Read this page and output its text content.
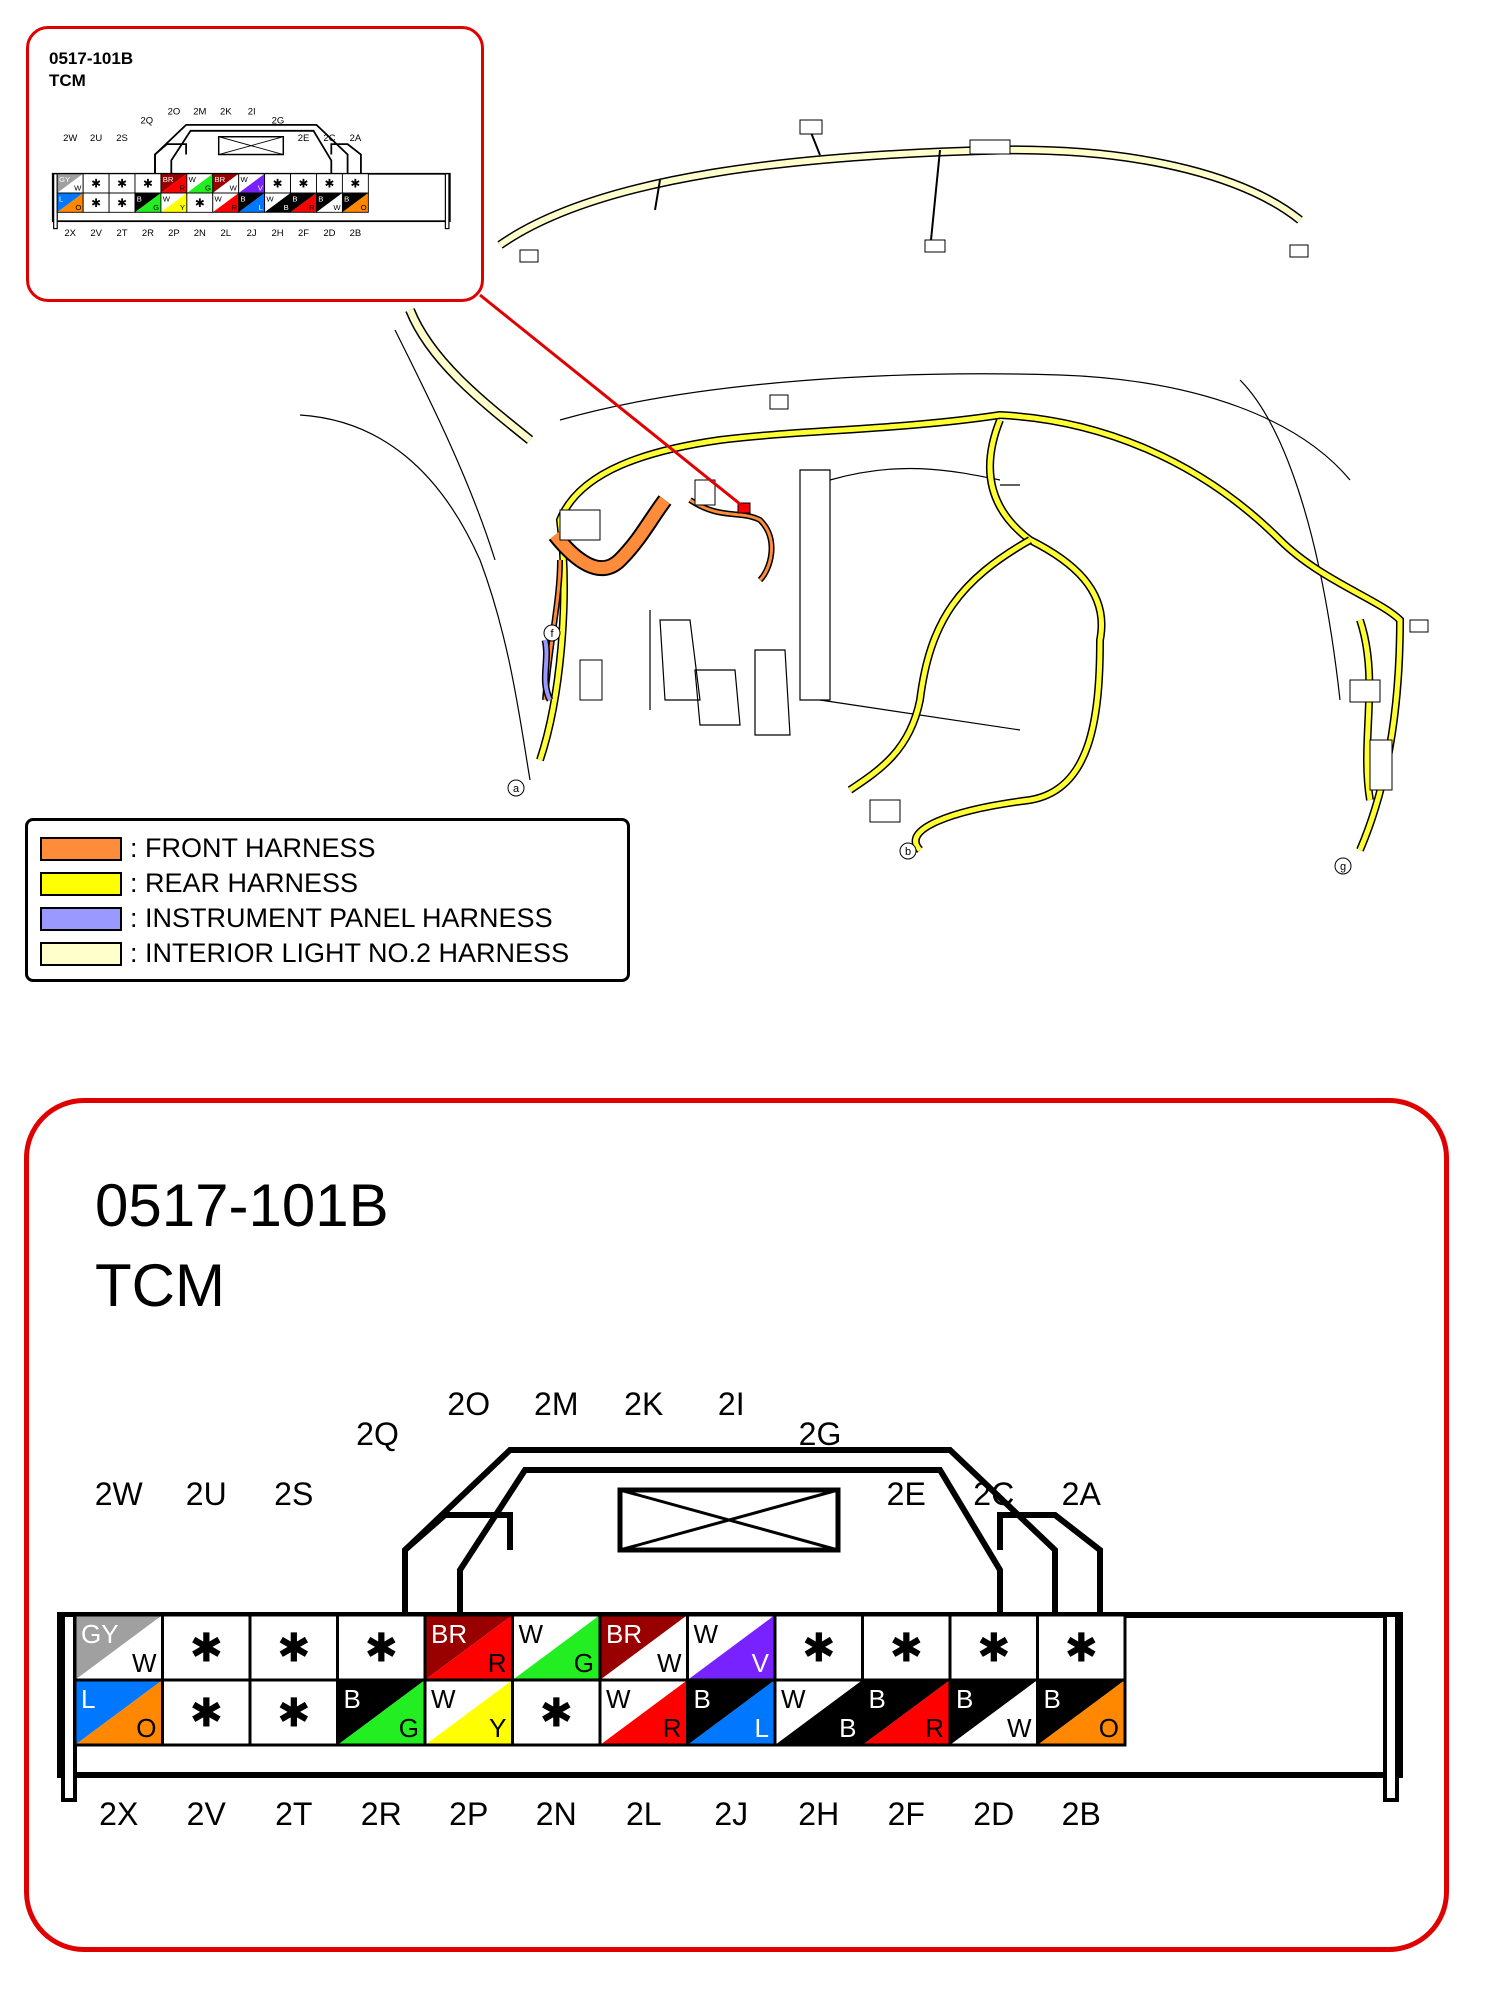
a
b
f
g
0517-101B
TCM
2W 2U 2S
2Q
2O 2M 2K 2I
2G
2E 2C 2A
2X 2V 2T 2R 2P 2N 2L 2J 2H 2F 2D 2B
GY
W ✱ ✱ ✱ BR
R
W
G
BR
W
W
V ✱ ✱ ✱ ✱
L
O ✱ ✱ B
G
W
Y ✱ W
R
B
L
W
B
B
R
B
W
B
O
: FRONT HARNESS
: REAR HARNESS
: INSTRUMENT PANEL HARNESS
: INTERIOR LIGHT NO.2 HARNESS
0517-101B
TCM
2W 2U 2S
2Q
2O 2M 2K 2I
2G
2E 2C 2A
2X 2V 2T 2R 2P 2N 2L 2J 2H 2F 2D 2B
GY
W ✱ ✱ ✱ BR
R
W
G
BR
W
W
V ✱ ✱ ✱ ✱
L
O ✱ ✱ B
G
W
Y ✱ W
R
B
L
W
B
B
R
B
W
B
O
